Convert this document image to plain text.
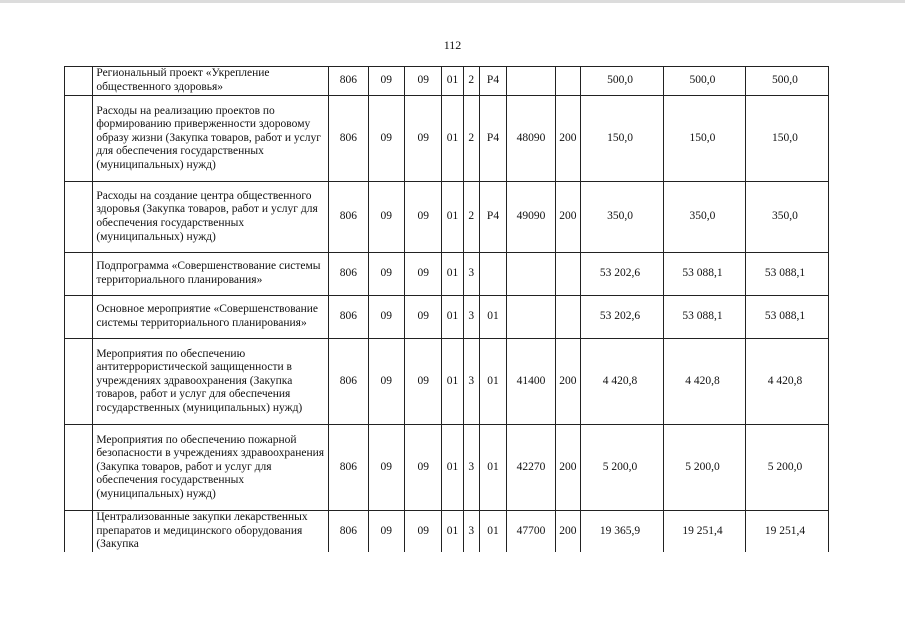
112
	Региональный проект «Укрепление общественного здоровья»	806	09	09	01	2	P4			500,0	500,0	500,0
	Расходы на реализацию проектов по формированию приверженности здоровому образу жизни (Закупка товаров, работ и услуг для обеспечения государственных (муниципальных) нужд)	806	09	09	01	2	P4	48090	200	150,0	150,0	150,0
	Расходы на создание центра общественного здоровья (Закупка товаров, работ и услуг для обеспечения государственных (муниципальных) нужд)	806	09	09	01	2	P4	49090	200	350,0	350,0	350,0
	Подпрограмма «Совершенствование системы территориального планирования»	806	09	09	01	3				53 202,6	53 088,1	53 088,1
	Основное мероприятие «Совершенствование системы территориального планирования»	806	09	09	01	3	01			53 202,6	53 088,1	53 088,1
	Мероприятия по обеспечению антитеррористической защищенности в учреждениях здравоохранения (Закупка товаров, работ и услуг для обеспечения государственных (муниципальных) нужд)	806	09	09	01	3	01	41400	200	4 420,8	4 420,8	4 420,8
	Мероприятия по обеспечению пожарной безопасности в учреждениях здравоохранения (Закупка товаров, работ и услуг для обеспечения государственных (муниципальных) нужд)	806	09	09	01	3	01	42270	200	5 200,0	5 200,0	5 200,0
	Централизованные закупки лекарственных препаратов и медицинского оборудования (Закупка	806	09	09	01	3	01	47700	200	19 365,9	19 251,4	19 251,4
